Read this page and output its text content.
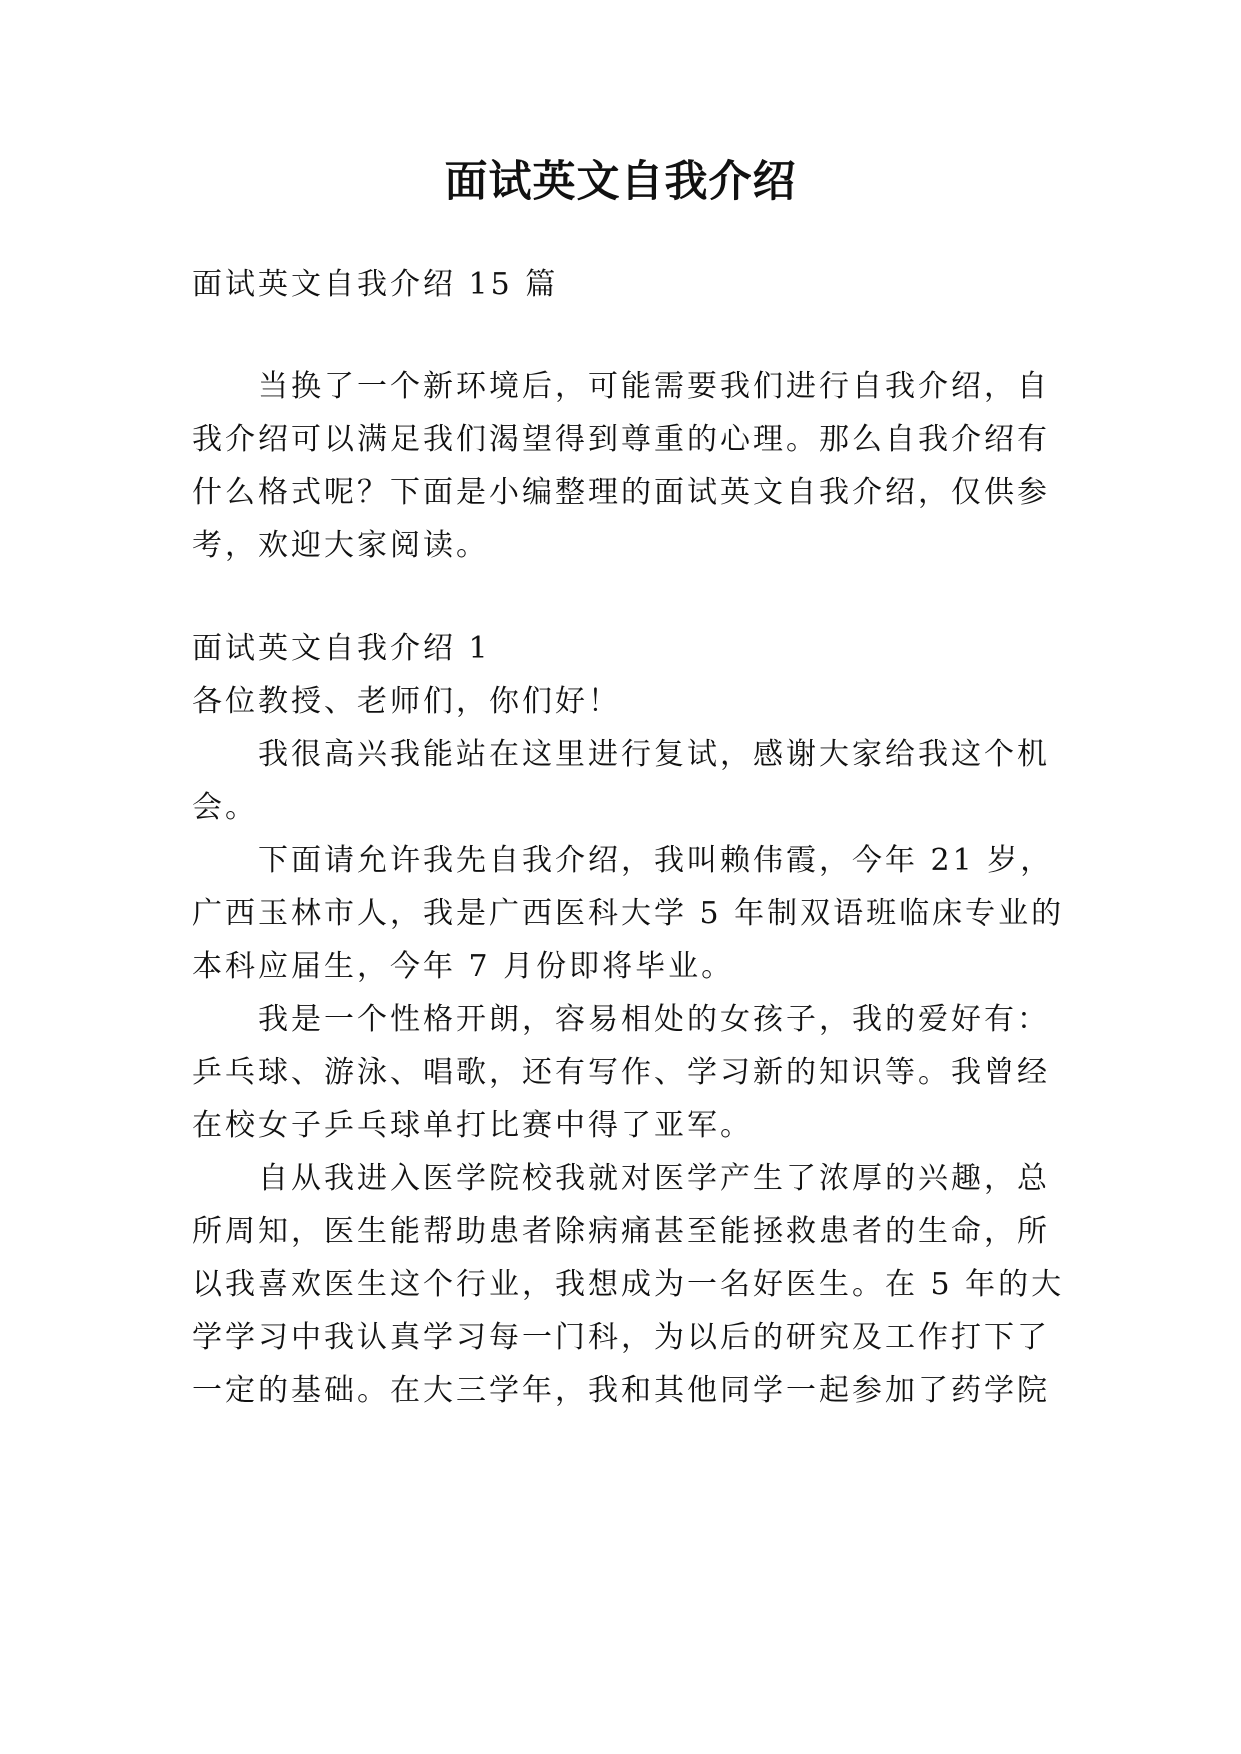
面试英文自我介绍

面试英文自我介绍 15 篇

当换了一个新环境后，可能需要我们进行自我介绍，自

我介绍可以满足我们渴望得到尊重的心理。那么自我介绍有

什么格式呢？下面是小编整理的面试英文自我介绍，仅供参

考，欢迎大家阅读。

面试英文自我介绍 1

各位教授、老师们，你们好！

我很高兴我能站在这里进行复试，感谢大家给我这个机

会。

下面请允许我先自我介绍，我叫赖伟霞，今年 21 岁，

广西玉林市人，我是广西医科大学 5 年制双语班临床专业的

本科应届生，今年 7 月份即将毕业。

我是一个性格开朗，容易相处的女孩子，我的爱好有：

乒乓球、游泳、唱歌，还有写作、学习新的知识等。我曾经

在校女子乒乓球单打比赛中得了亚军。

自从我进入医学院校我就对医学产生了浓厚的兴趣，总

所周知，医生能帮助患者除病痛甚至能拯救患者的生命，所

以我喜欢医生这个行业，我想成为一名好医生。在 5 年的大

学学习中我认真学习每一门科，为以后的研究及工作打下了

一定的基础。在大三学年，我和其他同学一起参加了药学院
